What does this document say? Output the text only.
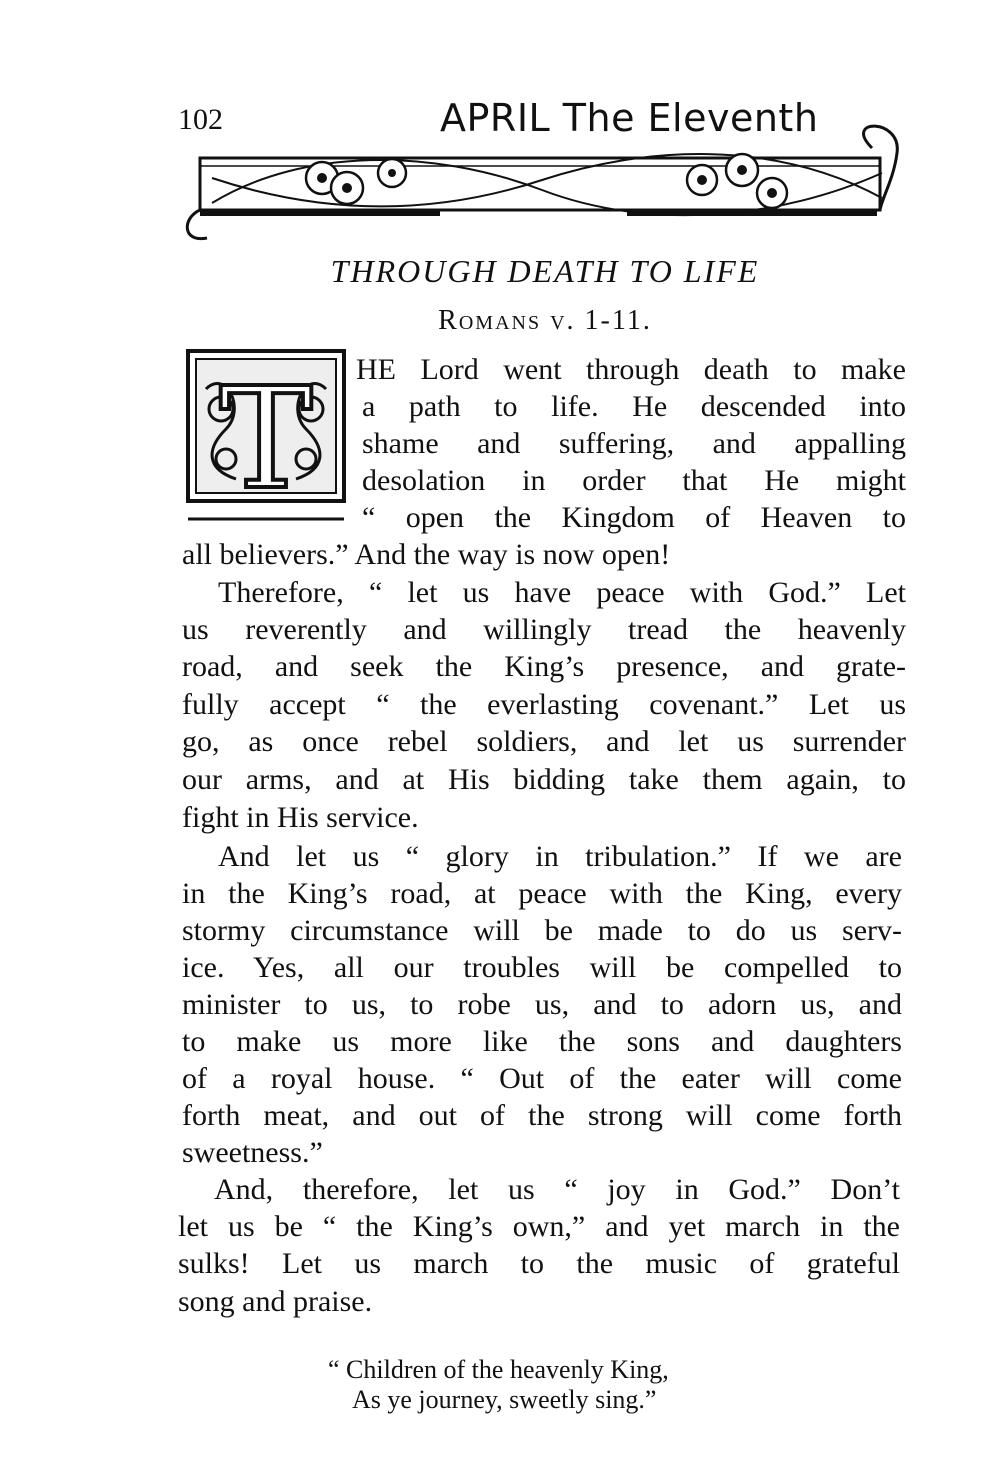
102	APRIL The Eleventh
THROUGH DEATH TO LIFE
Romans v. 1-11.
T HE Lord went through death to make
a path to life. He descended into
shame and suffering, and appalling
desolation in order that He might
“ open the Kingdom of Heaven to
all believers.” And the way is now open!
Therefore, “ let us have peace with God.” Let
us reverently and willingly tread the heavenly
road, and seek the King’s presence, and grate-
fully accept “ the everlasting covenant.” Let us
go, as once rebel soldiers, and let us surrender
our arms, and at His bidding take them again, to
fight in His service.
And let us “ glory in tribulation.” If we are
in the King’s road, at peace with the King, every
stormy circumstance will be made to do us serv-
ice. Yes, all our troubles will be compelled to
minister to us, to robe us, and to adorn us, and
to make us more like the sons and daughters
of a royal house. “ Out of the eater will come
forth meat, and out of the strong will come forth
sweetness.”
And, therefore, let us “ joy in God.” Don’t
let us be “ the King’s own,” and yet march in the
sulks! Let us march to the music of grateful
song and praise.
“ Children of the heavenly King,
As ye journey, sweetly sing.”
